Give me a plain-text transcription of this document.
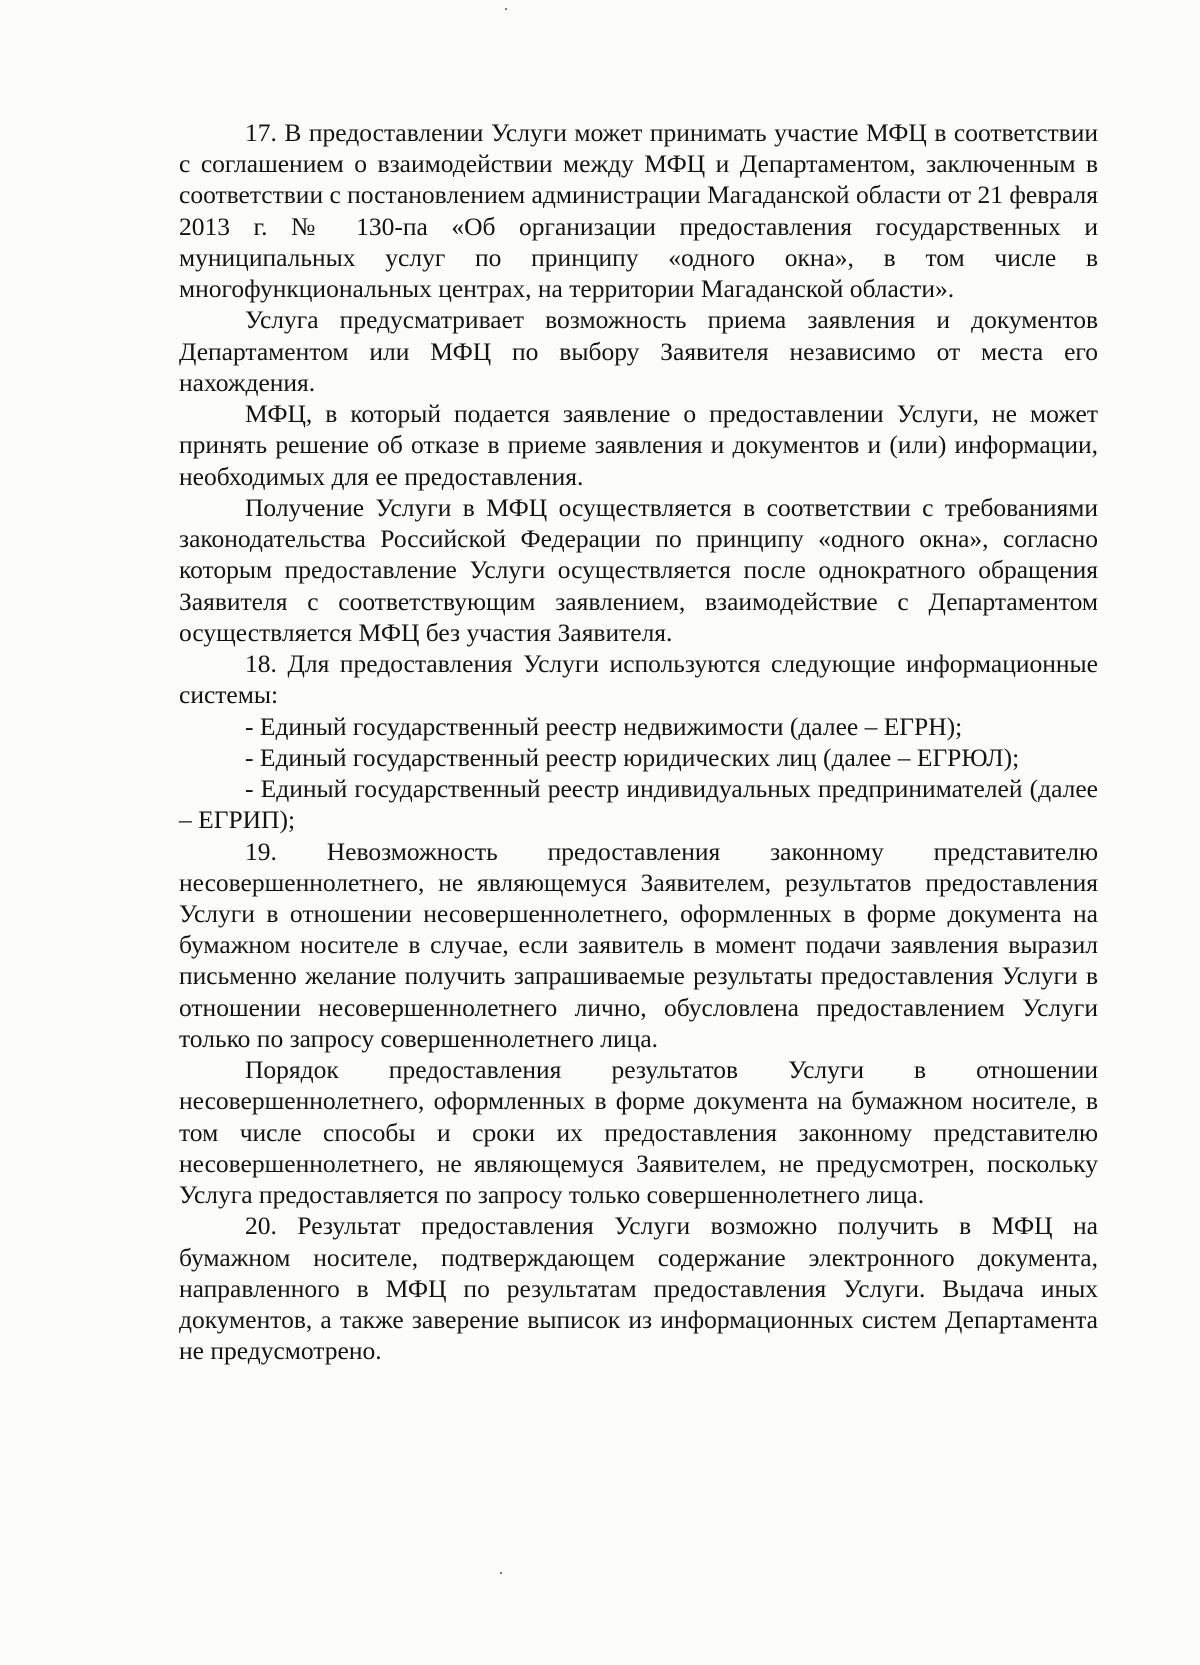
17. В предоставлении Услуги может принимать участие МФЦ в соответствии с соглашением о взаимодействии между МФЦ и Департаментом, заключенным в соответствии с постановлением администрации Магаданской области от 21 февраля 2013 г. № 130-па «Об организации предоставления государственных и муниципальных услуг по принципу «одного окна», в том числе в многофункциональных центрах, на территории Магаданской области».

Услуга предусматривает возможность приема заявления и документов Департаментом или МФЦ по выбору Заявителя независимо от места его нахождения.

МФЦ, в который подается заявление о предоставлении Услуги, не может принять решение об отказе в приеме заявления и документов и (или) информации, необходимых для ее предоставления.

Получение Услуги в МФЦ осуществляется в соответствии с требованиями законодательства Российской Федерации по принципу «одного окна», согласно которым предоставление Услуги осуществляется после однократного обращения Заявителя с соответствующим заявлением, взаимодействие с Департаментом осуществляется МФЦ без участия Заявителя.

18. Для предоставления Услуги используются следующие информационные системы:

- Единый государственный реестр недвижимости (далее – ЕГРН);

- Единый государственный реестр юридических лиц (далее – ЕГРЮЛ);

- Единый государственный реестр индивидуальных предпринимателей (далее – ЕГРИП);

19. Невозможность предоставления законному представителю несовершеннолетнего, не являющемуся Заявителем, результатов предоставления Услуги в отношении несовершеннолетнего, оформленных в форме документа на бумажном носителе в случае, если заявитель в момент подачи заявления выразил письменно желание получить запрашиваемые результаты предоставления Услуги в отношении несовершеннолетнего лично, обусловлена предоставлением Услуги только по запросу совершеннолетнего лица.

Порядок предоставления результатов Услуги в отношении несовершеннолетнего, оформленных в форме документа на бумажном носителе, в том числе способы и сроки их предоставления законному представителю несовершеннолетнего, не являющемуся Заявителем, не предусмотрен, поскольку Услуга предоставляется по запросу только совершеннолетнего лица.

20. Результат предоставления Услуги возможно получить в МФЦ на бумажном носителе, подтверждающем содержание электронного документа, направленного в МФЦ по результатам предоставления Услуги. Выдача иных документов, а также заверение выписок из информационных систем Департамента не предусмотрено.
